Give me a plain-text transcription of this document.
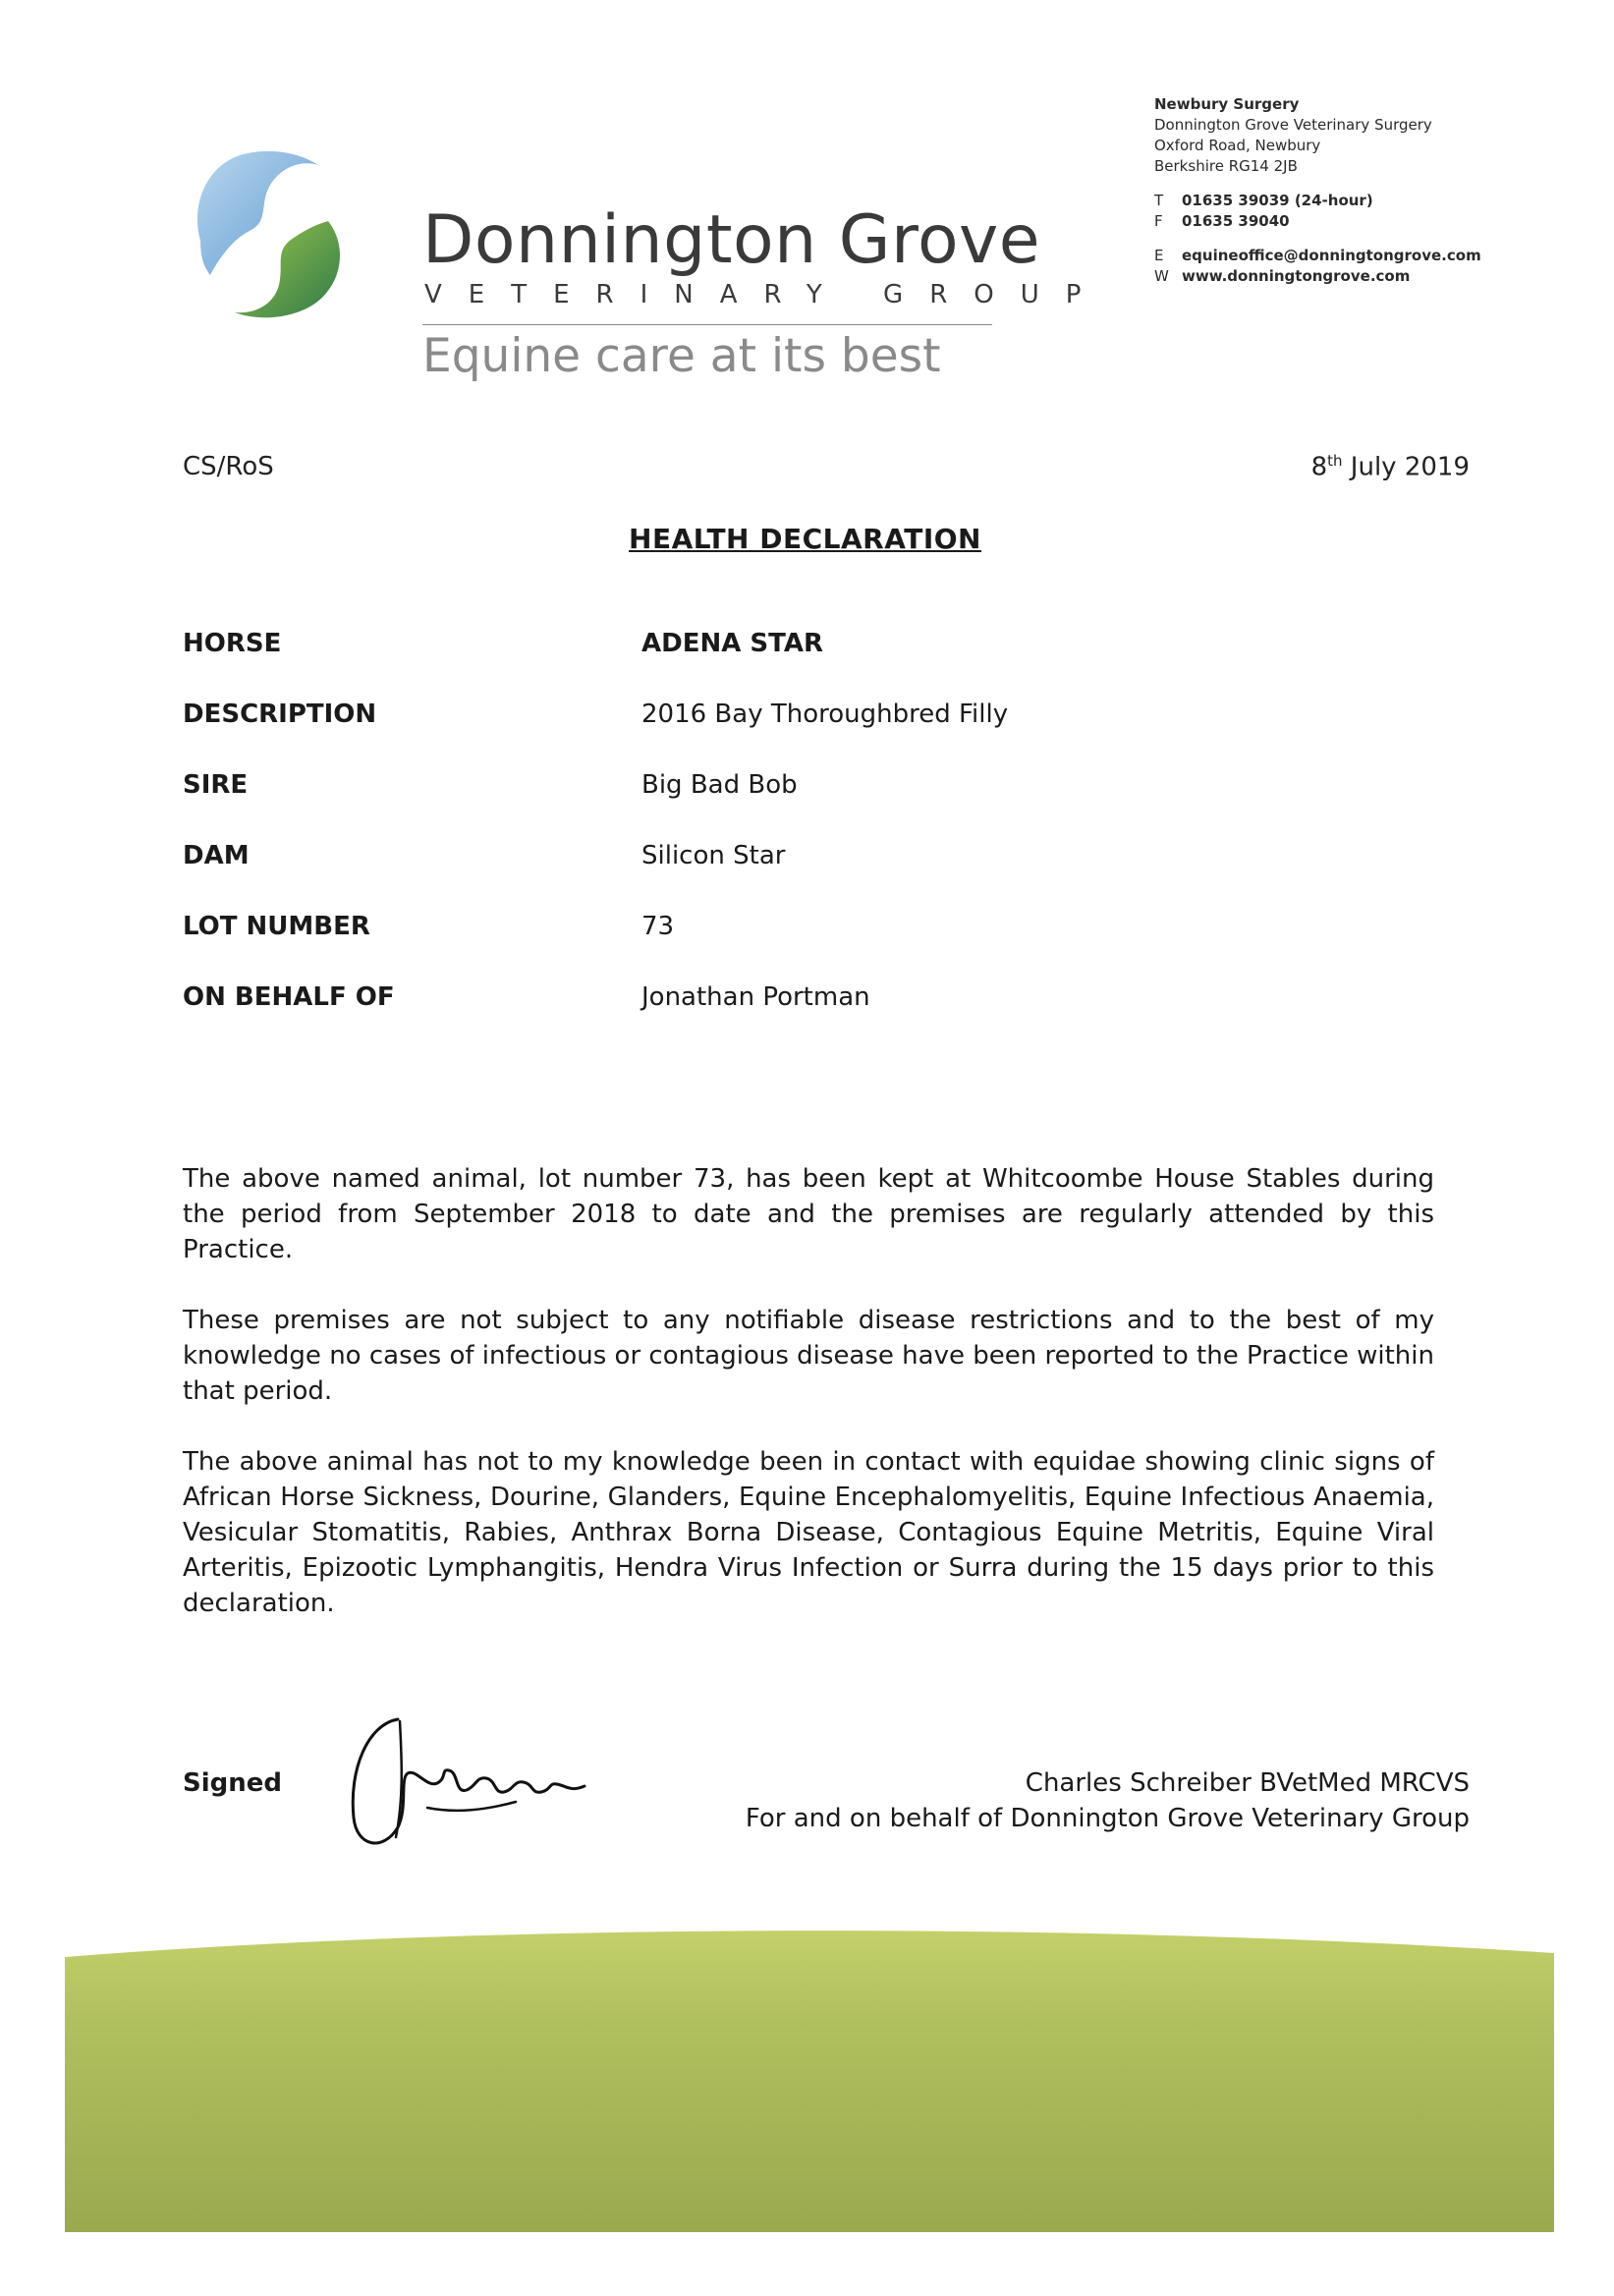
Donnington Grove
VETERINARY GROUP
Equine care at its best
Newbury Surgery
Donnington Grove Veterinary Surgery
Oxford Road, Newbury
Berkshire RG14 2JB
T 01635 39039 (24-hour)
F 01635 39040
E equineoffice@donningtongrove.com
W www.donningtongrove.com
CS/RoS	8th July 2019
HEALTH DECLARATION
HORSE	ADENA STAR
DESCRIPTION	2016 Bay Thoroughbred Filly
SIRE	Big Bad Bob
DAM	Silicon Star
LOT NUMBER	73
ON BEHALF OF	Jonathan Portman

The above named animal, lot number 73, has been kept at Whitcoombe House Stables during the period from September 2018 to date and the premises are regularly attended by this Practice.

These premises are not subject to any notifiable disease restrictions and to the best of my knowledge no cases of infectious or contagious disease have been reported to the Practice within that period.

The above animal has not to my knowledge been in contact with equidae showing clinic signs of African Horse Sickness, Dourine, Glanders, Equine Encephalomyelitis, Equine Infectious Anaemia, Vesicular Stomatitis, Rabies, Anthrax Borna Disease, Contagious Equine Metritis, Equine Viral Arteritis, Epizootic Lymphangitis, Hendra Virus Infection or Surra during the 15 days prior to this declaration.

Signed	Charles Schreiber BVetMed MRCVS
For and on behalf of Donnington Grove Veterinary Group
